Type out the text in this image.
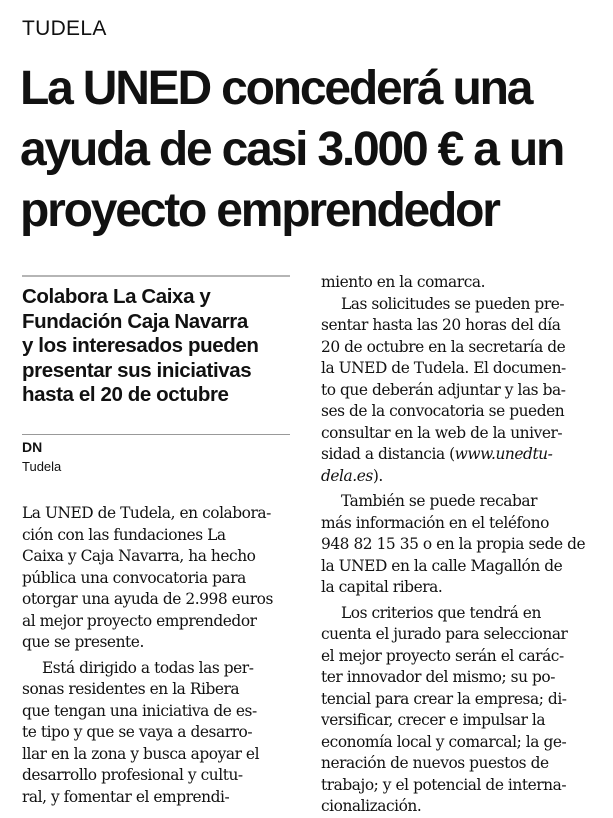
TUDELA
La UNED concederá una
ayuda de casi 3.000 € a un
proyecto emprendedor
Colabora La Caixa y
Fundación Caja Navarra
y los interesados pueden
presentar sus iniciativas
hasta el 20 de octubre
DN
Tudela

La UNED de Tudela, en colabora-
ción con las fundaciones La
Caixa y Caja Navarra, ha hecho
pública una convocatoria para
otorgar una ayuda de 2.998 euros
al mejor proyecto emprendedor
que se presente.

Está dirigido a todas las per-
sonas residentes en la Ribera
que tengan una iniciativa de es-
te tipo y que se vaya a desarro-
llar en la zona y busca apoyar el
desarrollo profesional y cultu-
ral, y fomentar el emprendi-

miento en la comarca.

Las solicitudes se pueden pre-
sentar hasta las 20 horas del día
20 de octubre en la secretaría de
la UNED de Tudela. El documen-
to que deberán adjuntar y las ba-
ses de la convocatoria se pueden
consultar en la web de la univer-
sidad a distancia (www.unedtu-
dela.es).

También se puede recabar
más información en el teléfono
948 82 15 35 o en la propia sede de
la UNED en la calle Magallón de
la capital ribera.

Los criterios que tendrá en
cuenta el jurado para seleccionar
el mejor proyecto serán el carác-
ter innovador del mismo; su po-
tencial para crear la empresa; di-
versificar, crecer e impulsar la
economía local y comarcal; la ge-
neración de nuevos puestos de
trabajo; y el potencial de interna-
cionalización.
